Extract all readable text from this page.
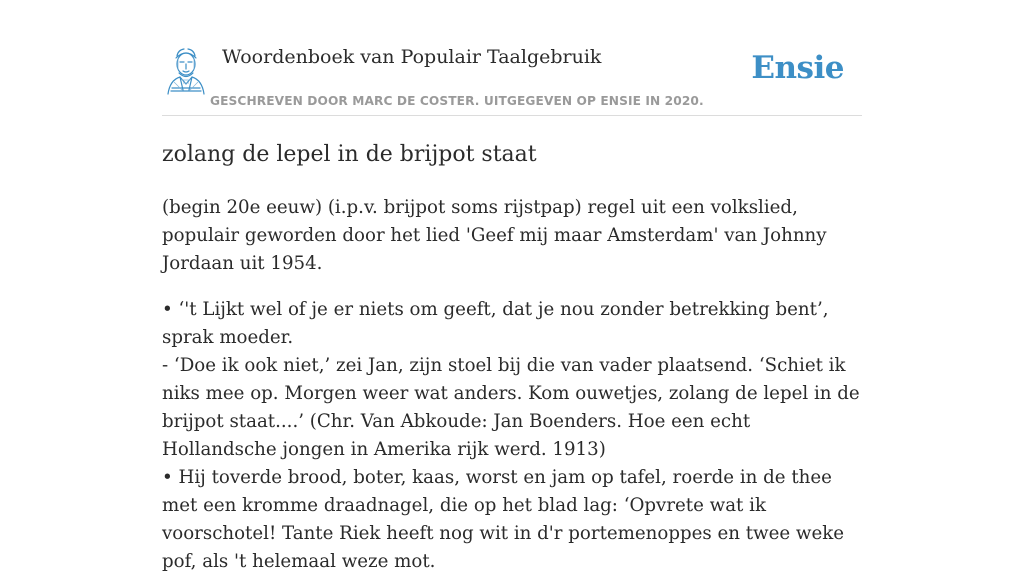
Woordenboek van Populair Taalgebruik

GESCHREVEN DOOR MARC DE COSTER. UITGEGEVEN OP ENSIE IN 2020.

Ensie
zolang de lepel in de brijpot staat

(begin 20e eeuw) (i.p.v. brijpot soms rijstpap) regel uit een volkslied, populair geworden door het lied 'Geef mij maar Amsterdam' van Johnny Jordaan uit 1954.

• ‘'t Lijkt wel of je er niets om geeft, dat je nou zonder betrekking bent’, sprak moeder.
- ‘Doe ik ook niet,’ zei Jan, zijn stoel bij die van vader plaatsend. ‘Schiet ik niks mee op. Morgen weer wat anders. Kom ouwetjes, zolang de lepel in de brijpot staat....’ (Chr. Van Abkoude: Jan Boenders. Hoe een echt Hollandsche jongen in Amerika rijk werd. 1913)
• Hij toverde brood, boter, kaas, worst en jam op tafel, roerde in de thee met een kromme draadnagel, die op het blad lag: ‘Opvrete wat ik voorschotel! Tante Riek heeft nog wit in d'r portemenoppes en twee weke pof, als 't helemaal weze mot.
